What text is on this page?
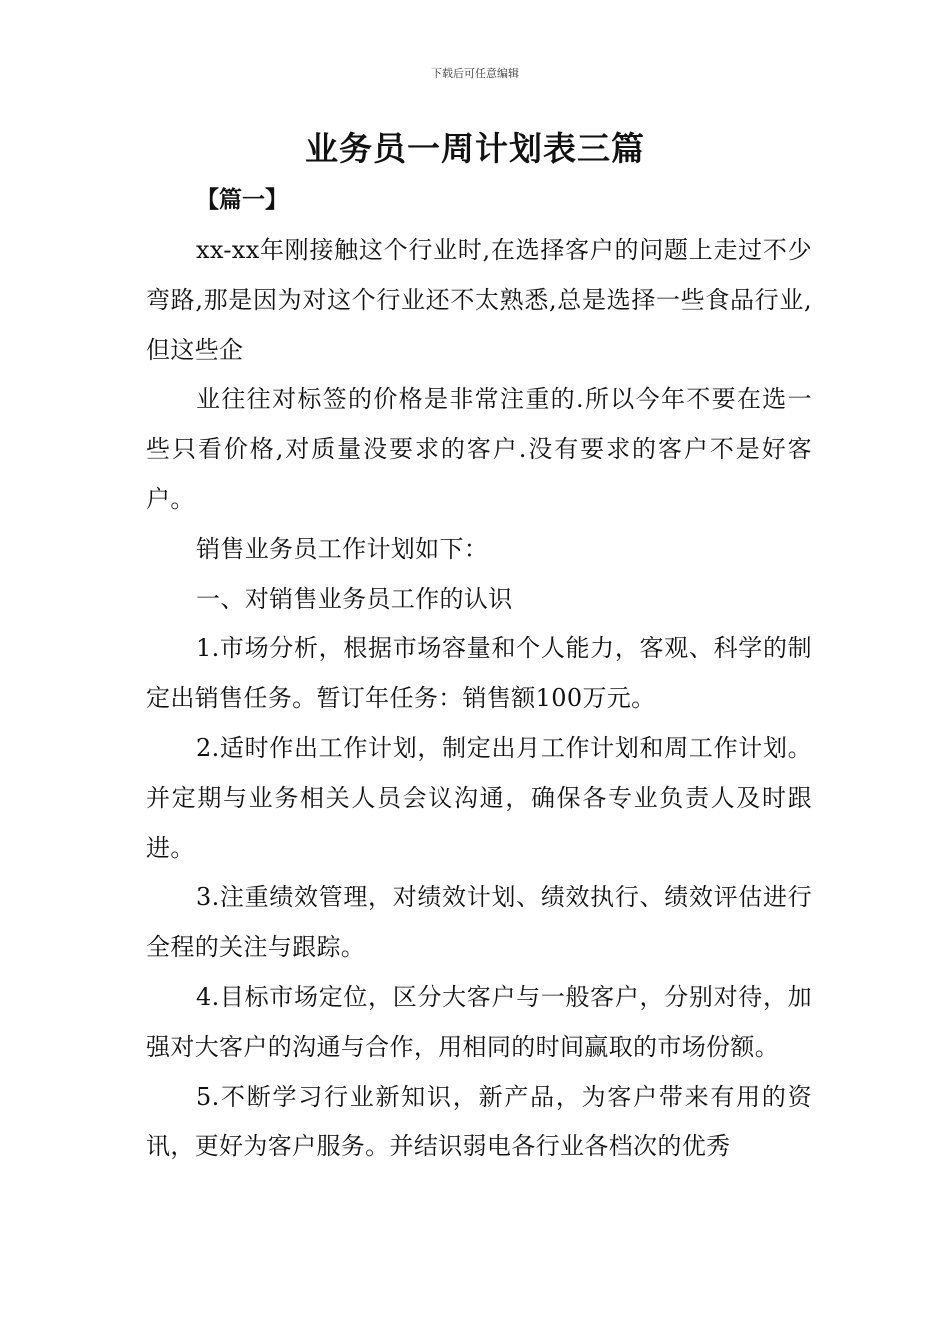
下载后可任意编辑
业务员一周计划表三篇
【篇一】

xx-xx年刚接触这个行业时,在选择客户的问题上走过不少弯路,那是因为对这个行业还不太熟悉,总是选择一些食品行业,但这些企

业往往对标签的价格是非常注重的.所以今年不要在选一些只看价格,对质量没要求的客户.没有要求的客户不是好客户。

销售业务员工作计划如下：

一、对销售业务员工作的认识

1.市场分析，根据市场容量和个人能力，客观、科学的制定出销售任务。暂订年任务：销售额100万元。

2.适时作出工作计划，制定出月工作计划和周工作计划。并定期与业务相关人员会议沟通，确保各专业负责人及时跟进。

3.注重绩效管理，对绩效计划、绩效执行、绩效评估进行全程的关注与跟踪。

4.目标市场定位，区分大客户与一般客户，分别对待，加强对大客户的沟通与合作，用相同的时间赢取的市场份额。

5.不断学习行业新知识，新产品，为客户带来有用的资讯，更好为客户服务。并结识弱电各行业各档次的优秀
